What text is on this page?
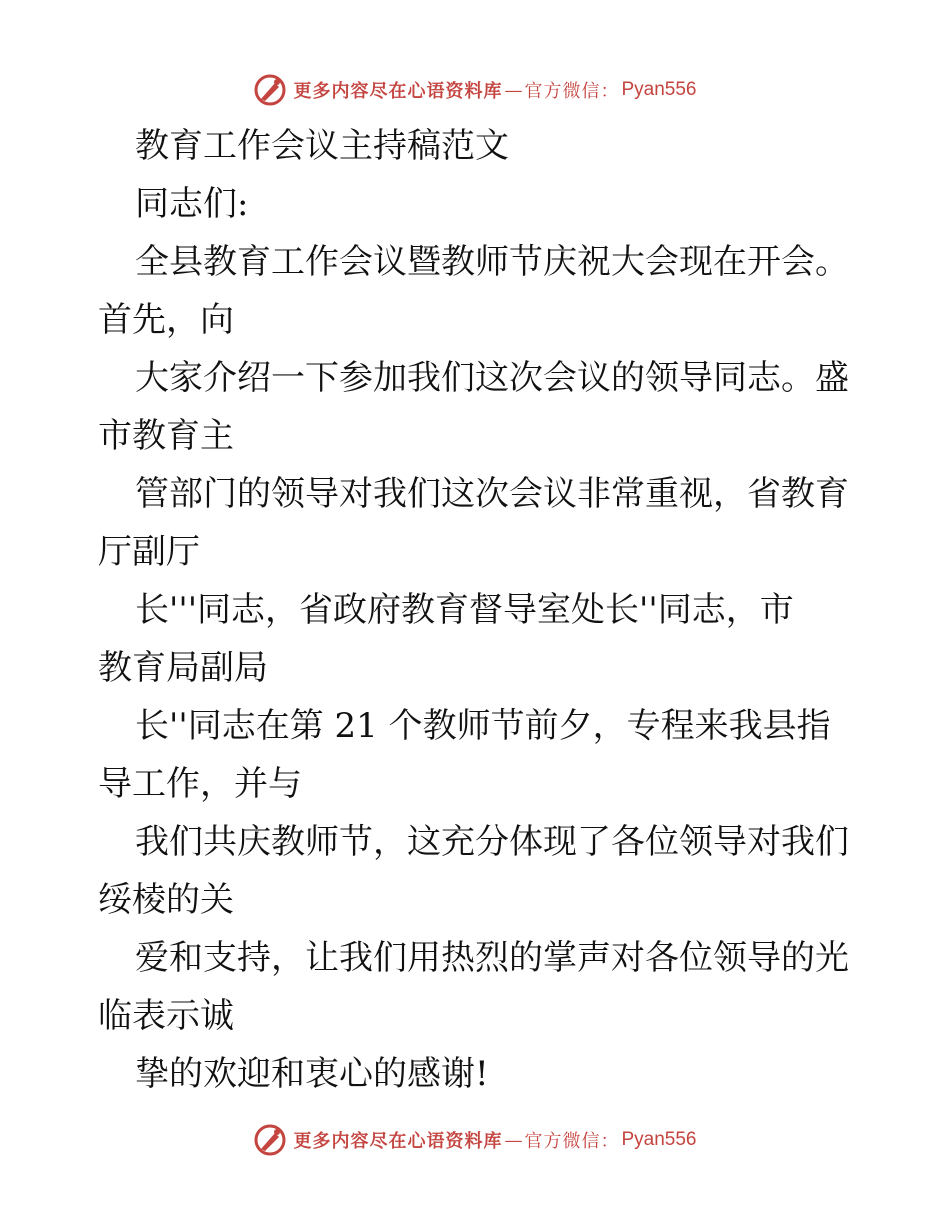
更多内容尽在心语资料库 — 官方微信： Pyan556
教育工作会议主持稿范文
同志们:
全县教育工作会议暨教师节庆祝大会现在开会。
首先，向
大家介绍一下参加我们这次会议的领导同志。盛
市教育主
管部门的领导对我们这次会议非常重视，省教育
厅副厅
长'''同志，省政府教育督导室处长''同志，市
教育局副局
长''同志在第 21 个教师节前夕，专程来我县指
导工作，并与
我们共庆教师节，这充分体现了各位领导对我们
绥棱的关
爱和支持，让我们用热烈的掌声对各位领导的光
临表示诚
挚的欢迎和衷心的感谢!
更多内容尽在心语资料库 — 官方微信： Pyan556
